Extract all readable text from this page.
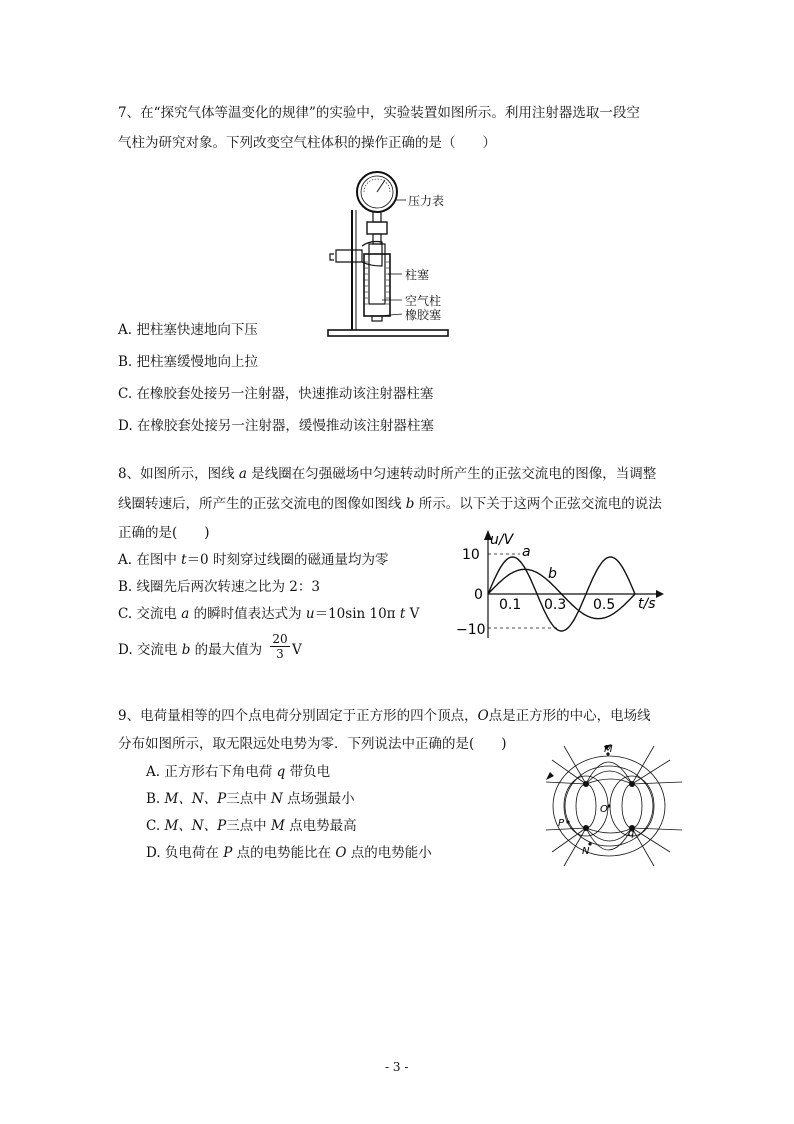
7、在“探究气体等温变化的规律”的实验中，实验装置如图所示。利用注射器选取一段空
气柱为研究对象。下列改变空气柱体积的操作正确的是（　　）
压力表
柱塞
空气柱
橡胶塞
A. 把柱塞快速地向下压
B. 把柱塞缓慢地向上拉
C. 在橡胶套处接另一注射器，快速推动该注射器柱塞
D. 在橡胶套处接另一注射器，缓慢推动该注射器柱塞
8、如图所示，图线 a 是线圈在匀强磁场中匀速转动时所产生的正弦交流电的图像，当调整
线圈转速后，所产生的正弦交流电的图像如图线 b 所示。以下关于这两个正弦交流电的说法
正确的是(　　)
A. 在图中 t＝0 时刻穿过线圈的磁通量均为零
B. 线圈先后两次转速之比为 2：3
C. 交流电 a 的瞬时值表达式为 u＝10sin 10π t V
D. 交流电 b 的最大值为 $\frac{20}{3}$ V
10
0
−10
0.1 0.3 0.5 t/s
u/V
a
b
9、电荷量相等的四个点电荷分别固定于正方形的四个顶点，O点是正方形的中心，电场线
分布如图所示，取无限远处电势为零．下列说法中正确的是(　　)
A. 正方形右下角电荷 q 带负电
B. M、N、P三点中 N 点场强最小
C. M、N、P三点中 M 点电势最高
D. 负电荷在 P 点的电势能比在 O 点的电势能小
M
O
P
N
q
- 3 -
